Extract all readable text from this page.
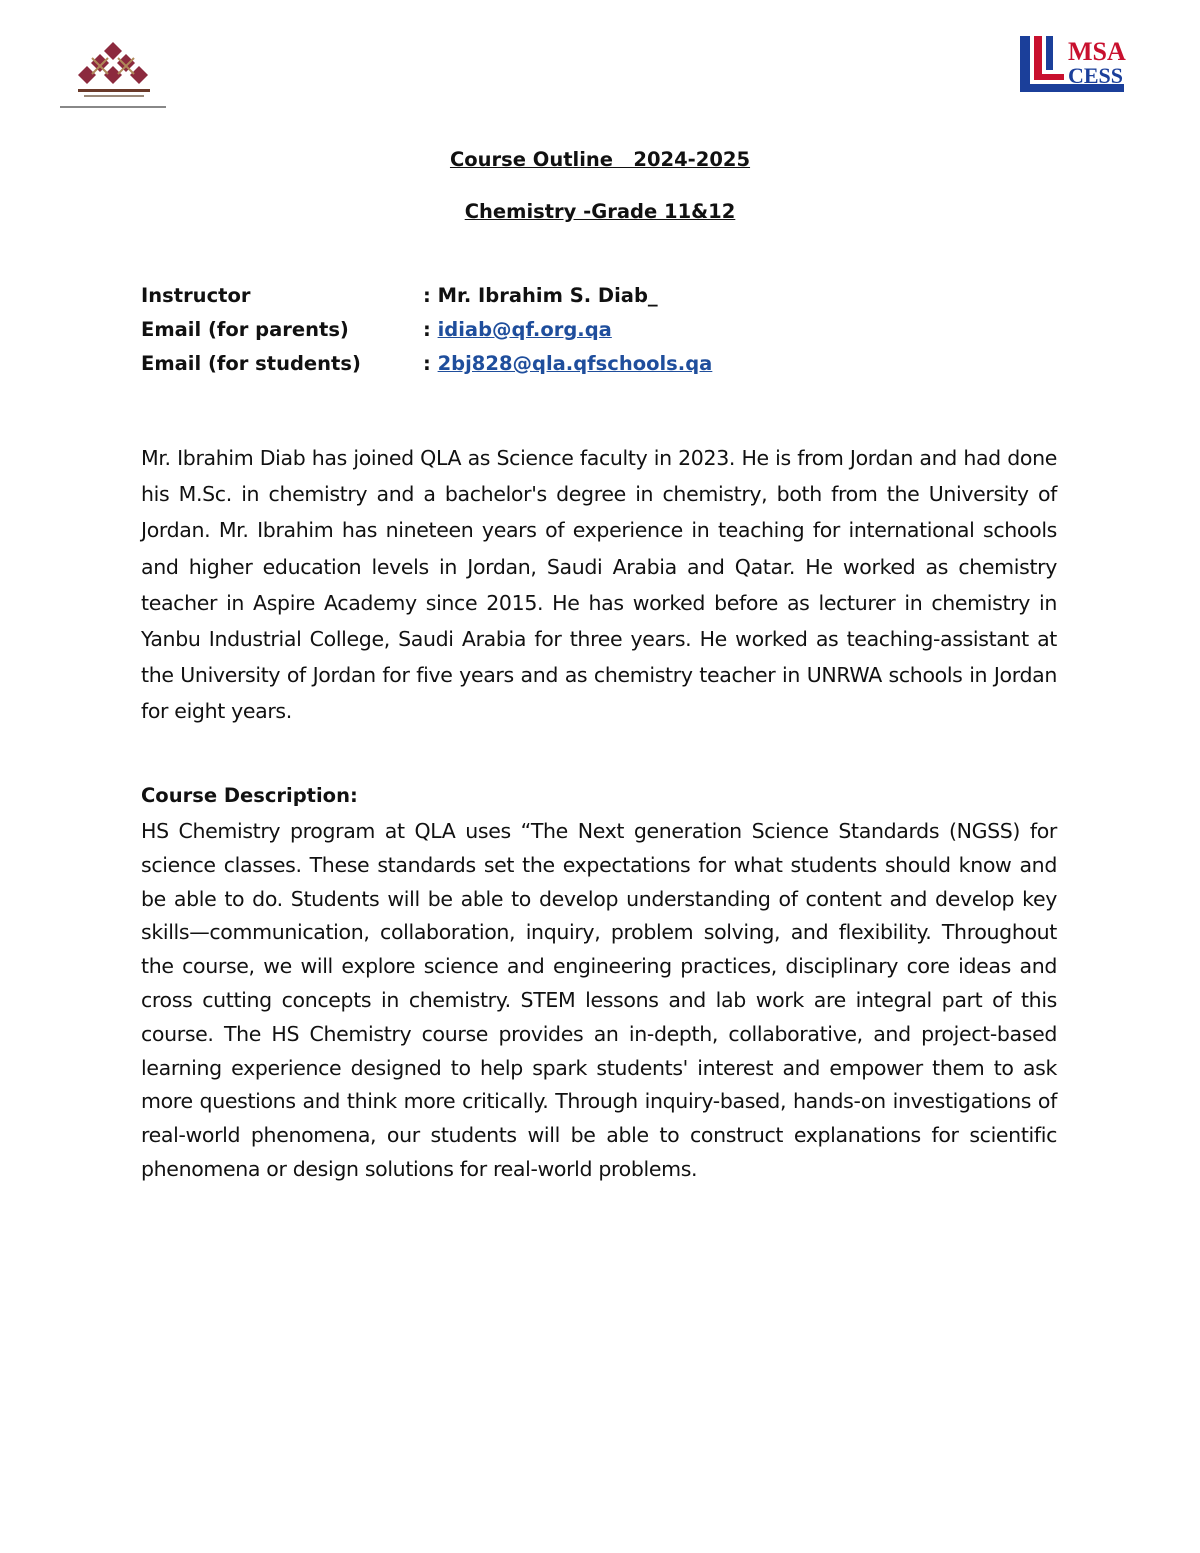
MSA
CESS
Course Outline   2024-2025
Chemistry -Grade 11&12
Instructor	: Mr. Ibrahim S. Diab_
Email (for parents)	: idiab@qf.org.qa
Email (for students)	: 2bj828@qla.qfschools.qa

Mr. Ibrahim Diab has joined QLA as Science faculty in 2023. He is from Jordan and had done his M.Sc. in chemistry and a bachelor's degree in chemistry, both from the University of Jordan. Mr. Ibrahim has nineteen years of experience in teaching for international schools and higher education levels in Jordan, Saudi Arabia and Qatar. He worked as chemistry teacher in Aspire Academy since 2015. He has worked before as lecturer in chemistry in Yanbu Industrial College, Saudi Arabia for three years. He worked as teaching-assistant at the University of Jordan for five years and as chemistry teacher in UNRWA schools in Jordan for eight years.

Course Description:

HS Chemistry program at QLA uses “The Next generation Science Standards (NGSS) for science classes. These standards set the expectations for what students should know and be able to do. Students will be able to develop understanding of content and develop key skills—communication, collaboration, inquiry, problem solving, and flexibility. Throughout the course, we will explore science and engineering practices, disciplinary core ideas and cross cutting concepts in chemistry. STEM lessons and lab work are integral part of this course. The HS Chemistry course provides an in-depth, collaborative, and project-based learning experience designed to help spark students' interest and empower them to ask more questions and think more critically. Through inquiry-based, hands-on investigations of real-world phenomena, our students will be able to construct explanations for scientific phenomena or design solutions for real-world problems.
